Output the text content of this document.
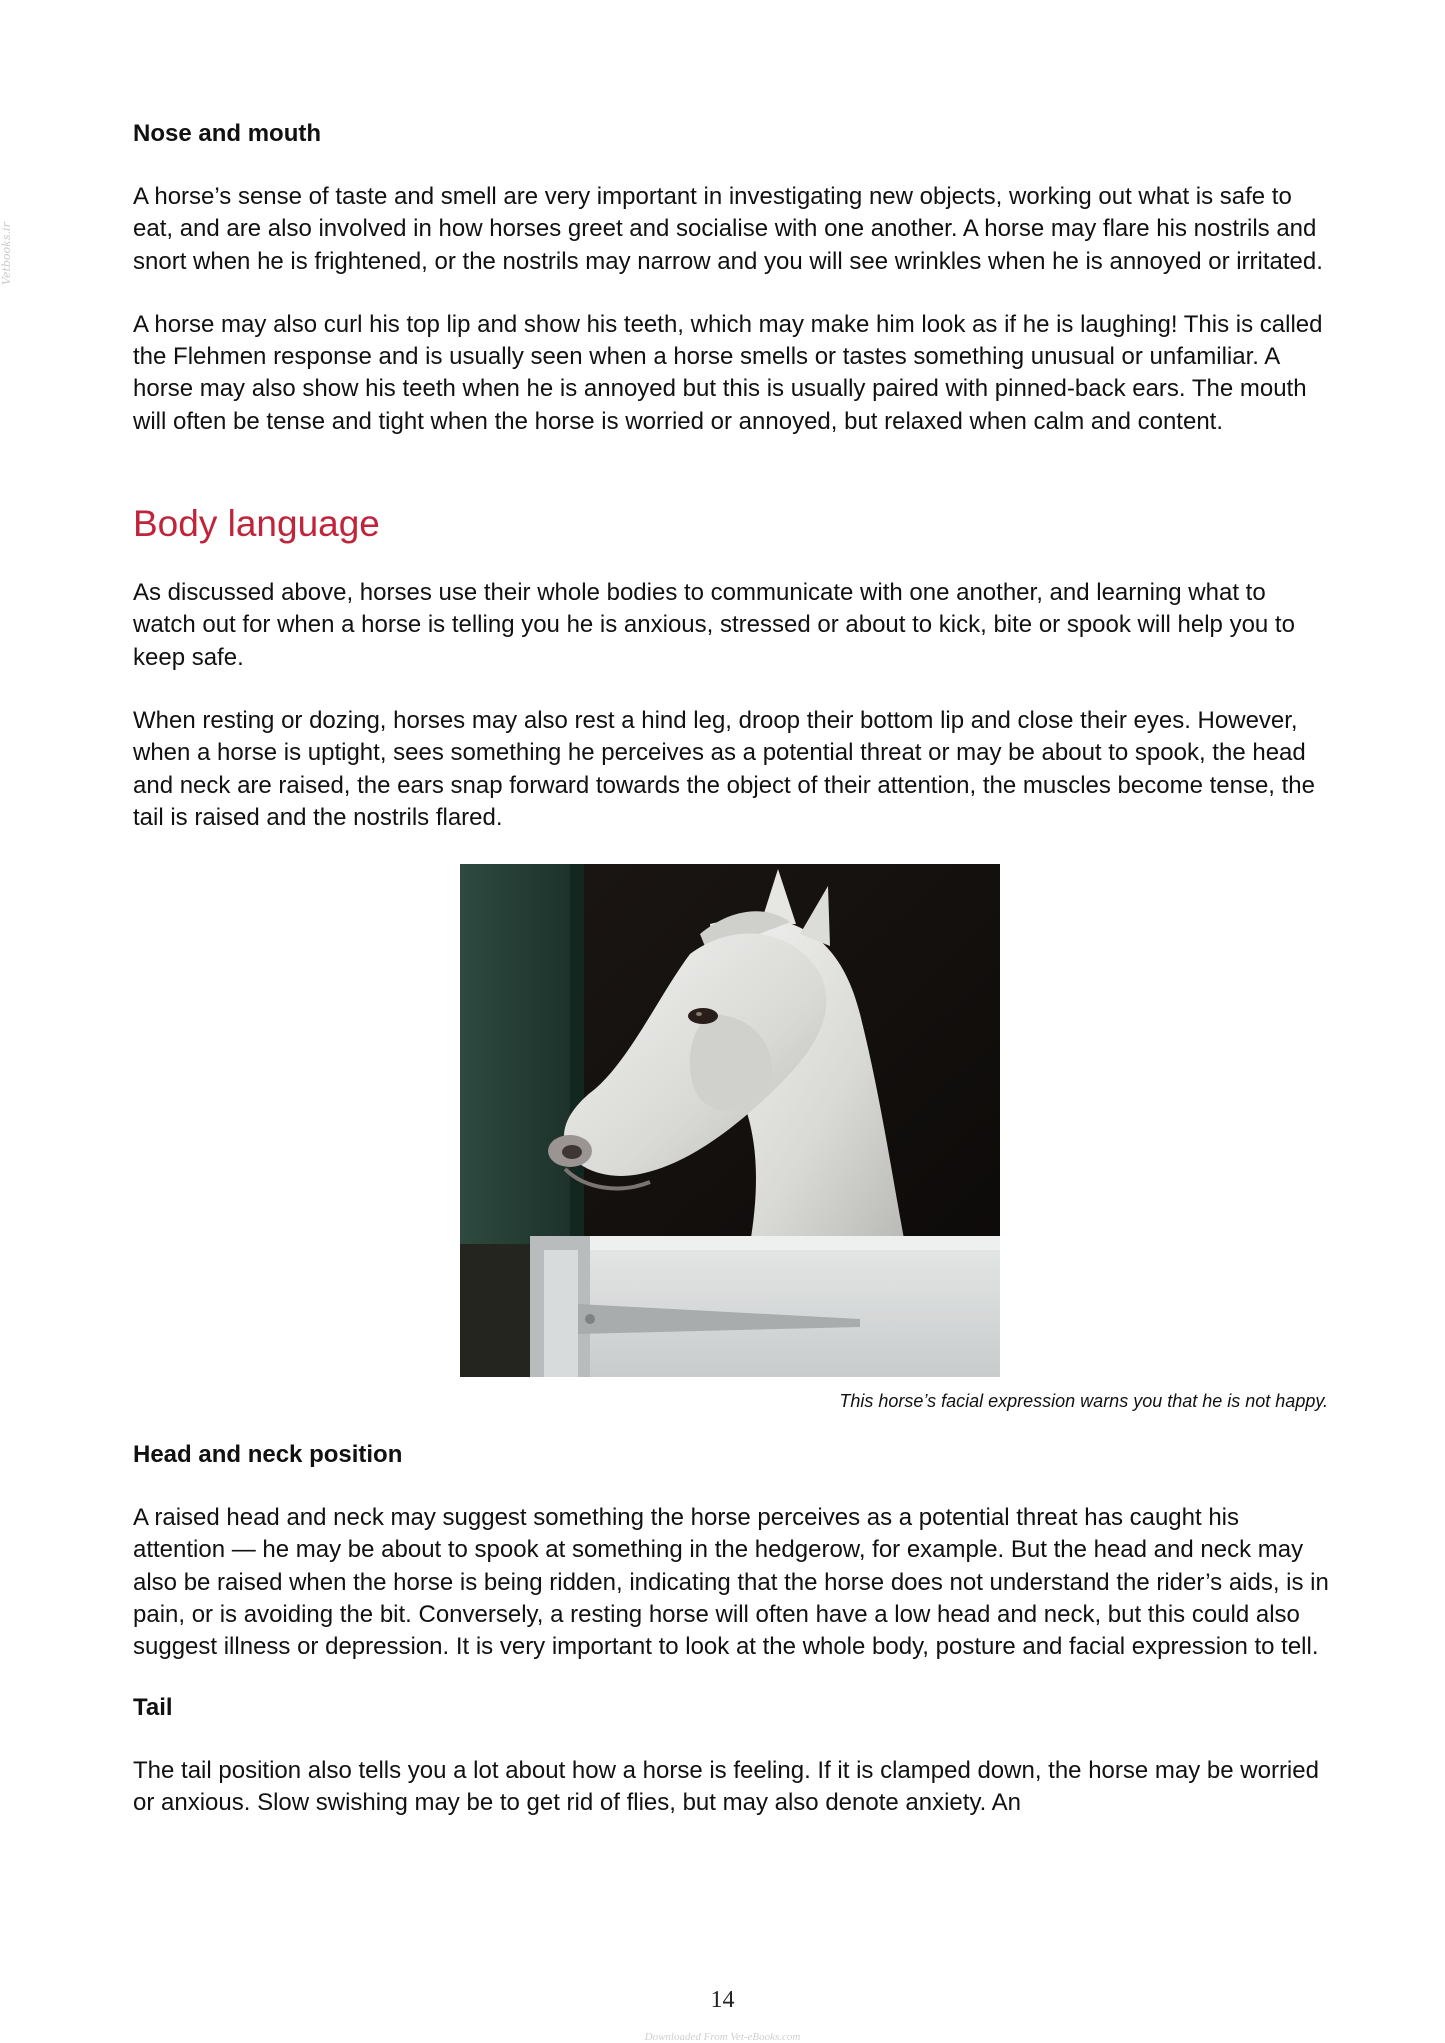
Vetbooks.ir
Nose and mouth

A horse’s sense of taste and smell are very important in investigating new objects, working out what is safe to eat, and are also involved in how horses greet and socialise with one another. A horse may flare his nostrils and snort when he is frightened, or the nostrils may narrow and you will see wrinkles when he is annoyed or irritated.

A horse may also curl his top lip and show his teeth, which may make him look as if he is laughing! This is called the Flehmen response and is usually seen when a horse smells or tastes something unusual or unfamiliar. A horse may also show his teeth when he is annoyed but this is usually paired with pinned-back ears. The mouth will often be tense and tight when the horse is worried or annoyed, but relaxed when calm and content.

Body language

As discussed above, horses use their whole bodies to communicate with one another, and learning what to watch out for when a horse is telling you he is anxious, stressed or about to kick, bite or spook will help you to keep safe.

When resting or dozing, horses may also rest a hind leg, droop their bottom lip and close their eyes. However, when a horse is uptight, sees something he perceives as a potential threat or may be about to spook, the head and neck are raised, the ears snap forward towards the object of their attention, the muscles become tense, the tail is raised and the nostrils flared.

This horse’s facial expression warns you that he is not happy.

Head and neck position

A raised head and neck may suggest something the horse perceives as a potential threat has caught his attention — he may be about to spook at something in the hedgerow, for example. But the head and neck may also be raised when the horse is being ridden, indicating that the horse does not understand the rider’s aids, is in pain, or is avoiding the bit. Conversely, a resting horse will often have a low head and neck, but this could also suggest illness or depression. It is very important to look at the whole body, posture and facial expression to tell.

Tail

The tail position also tells you a lot about how a horse is feeling. If it is clamped down, the horse may be worried or anxious. Slow swishing may be to get rid of flies, but may also denote anxiety. An

14
Downloaded From Vet-eBooks.com
